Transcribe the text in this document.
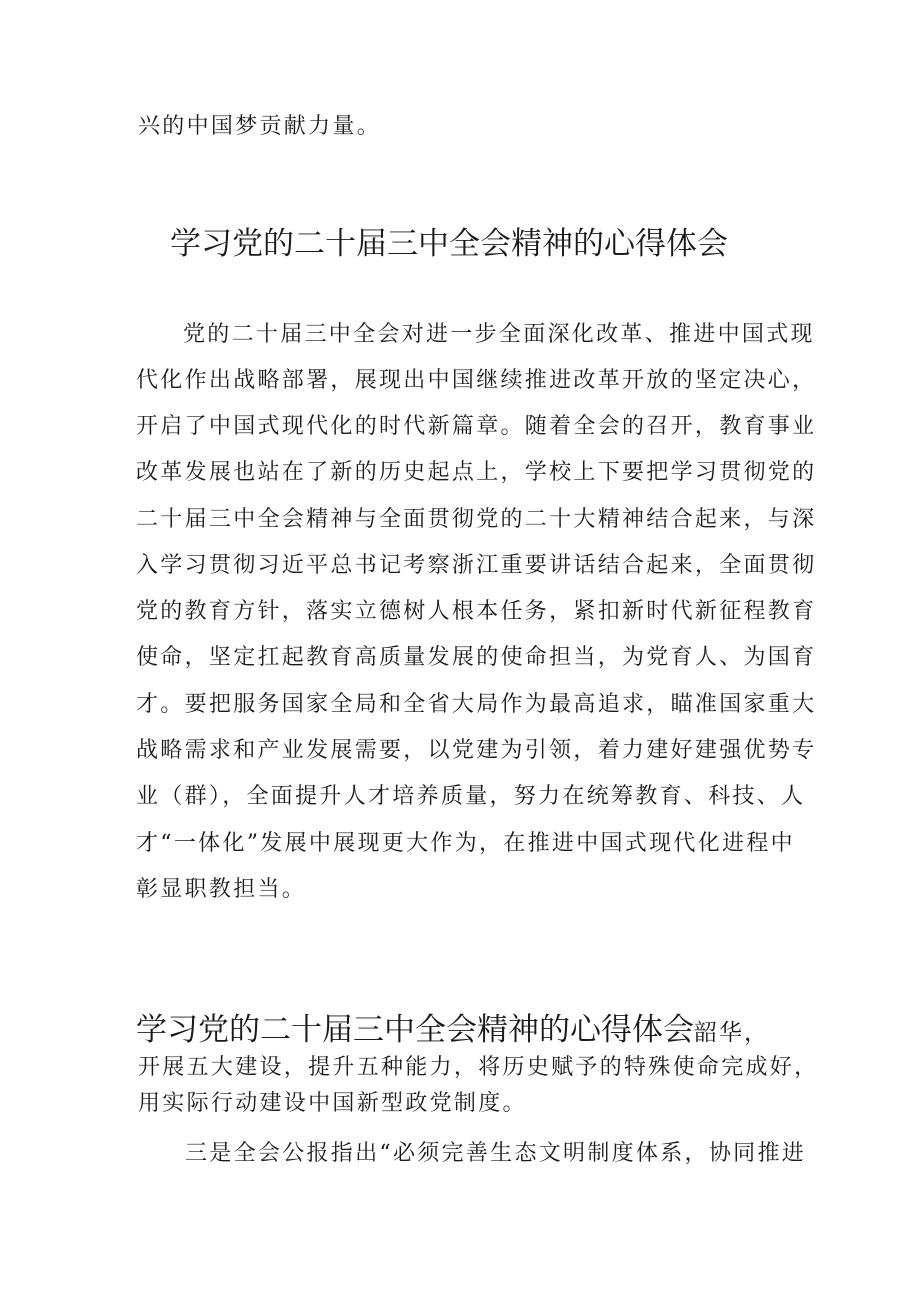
兴的中国梦贡献力量。
学习党的二十届三中全会精神的心得体会
党的二十届三中全会对进一步全面深化改革、推进中国式现
代化作出战略部署，展现出中国继续推进改革开放的坚定决心，
开启了中国式现代化的时代新篇章。随着全会的召开，教育事业
改革发展也站在了新的历史起点上，学校上下要把学习贯彻党的
二十届三中全会精神与全面贯彻党的二十大精神结合起来，与深
入学习贯彻习近平总书记考察浙江重要讲话结合起来，全面贯彻
党的教育方针，落实立德树人根本任务，紧扣新时代新征程教育
使命，坚定扛起教育高质量发展的使命担当，为党育人、为国育
才。要把服务国家全局和全省大局作为最高追求，瞄准国家重大
战略需求和产业发展需要，以党建为引领，着力建好建强优势专
业（群），全面提升人才培养质量，努力在统筹教育、科技、人
才“一体化”发展中展现更大作为，在推进中国式现代化进程中
彰显职教担当。
学习党的二十届三中全会精神的心得体会韶华，
开展五大建设，提升五种能力，将历史赋予的特殊使命完成好，
用实际行动建设中国新型政党制度。
三是全会公报指出“必须完善生态文明制度体系，协同推进
